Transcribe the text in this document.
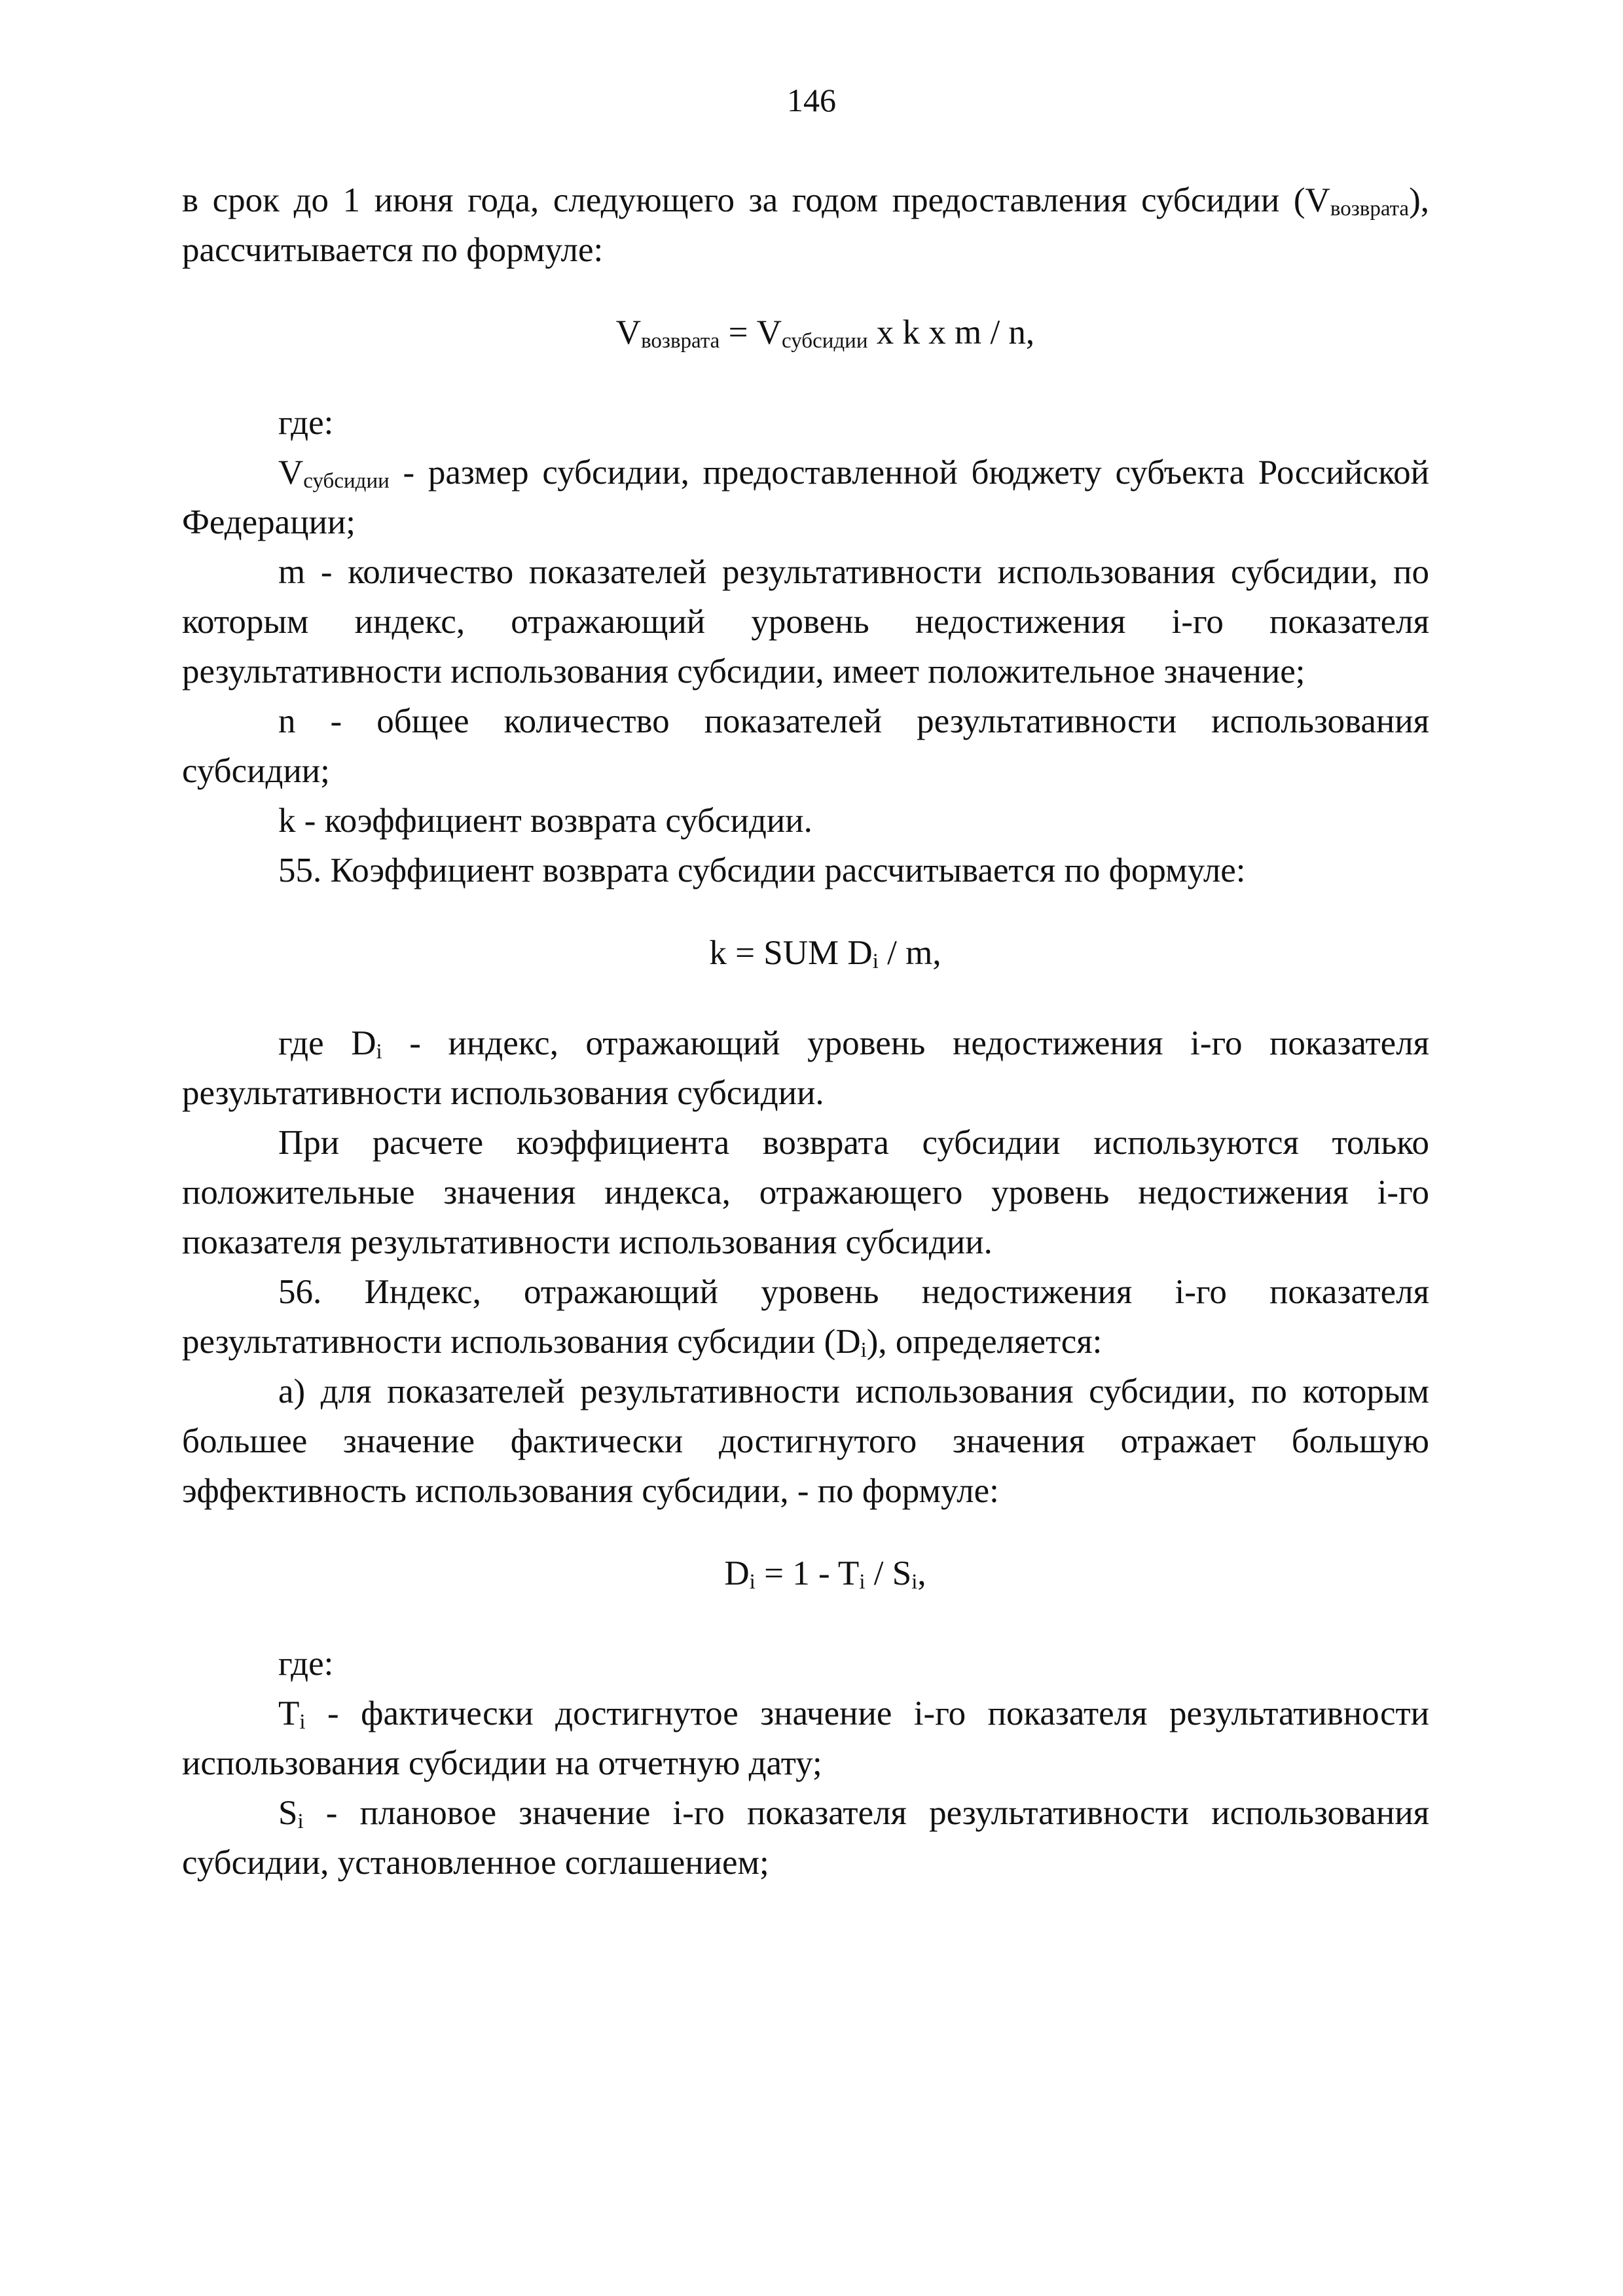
146

в срок до 1 июня года, следующего за годом предоставления субсидии $(V_{возврата})$, рассчитывается по формуле:

$V_{возврата} = V_{субсидии}$ x k x m / n,

где:

$V_{субсидии}$ - размер субсидии, предоставленной бюджету субъекта Российской Федерации;

m - количество показателей результативности использования субсидии, по которым индекс, отражающий уровень недостижения i-го показателя результативности использования субсидии, имеет положительное значение;

n - общее количество показателей результативности использования субсидии;

k - коэффициент возврата субсидии.

55. Коэффициент возврата субсидии рассчитывается по формуле:

k = SUM $D_i$ / m,

где $D_i$ - индекс, отражающий уровень недостижения i-го показателя результативности использования субсидии.

При расчете коэффициента возврата субсидии используются только положительные значения индекса, отражающего уровень недостижения i-го показателя результативности использования субсидии.

56. Индекс, отражающий уровень недостижения i-го показателя результативности использования субсидии $(D_i)$, определяется:

а) для показателей результативности использования субсидии, по которым большее значение фактически достигнутого значения отражает большую эффективность использования субсидии, - по формуле:

$D_i = 1 - T_i / S_i$,

где:

$T_i$ - фактически достигнутое значение i-го показателя результативности использования субсидии на отчетную дату;

$S_i$ - плановое значение i-го показателя результативности использования субсидии, установленное соглашением;
